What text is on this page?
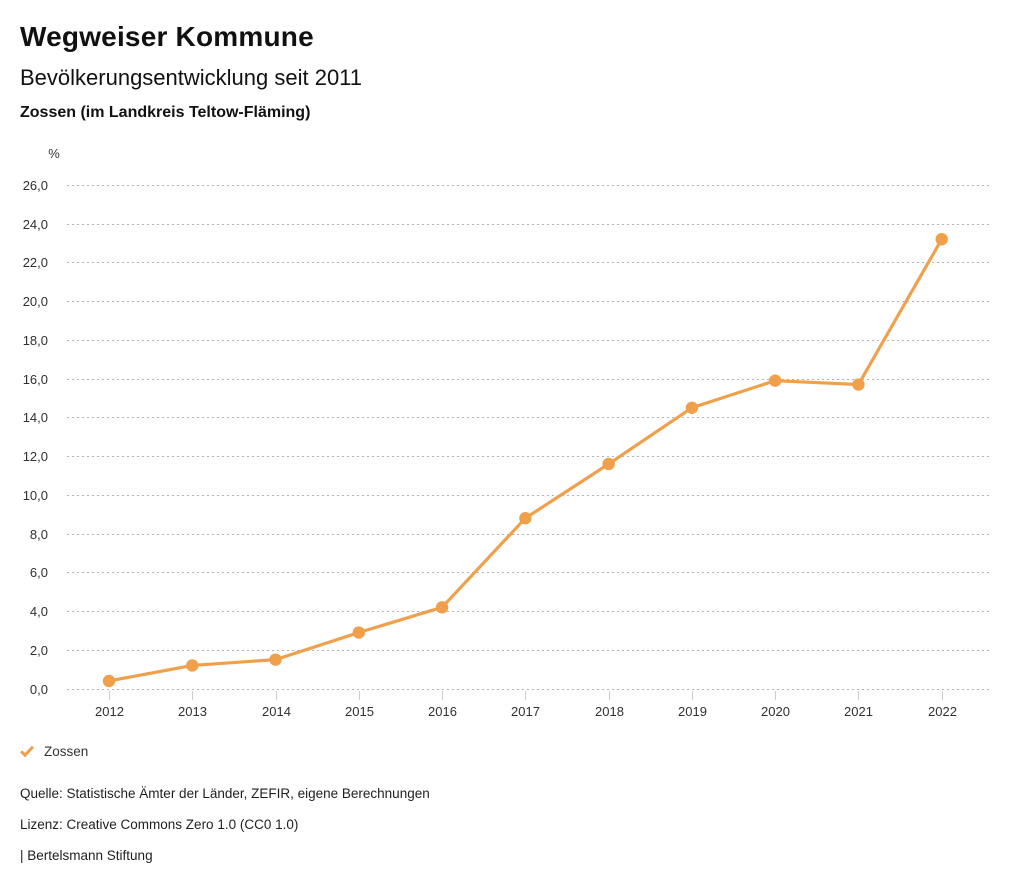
Wegweiser Kommune
Bevölkerungsentwicklung seit 2011
Zossen (im Landkreis Teltow-Fläming)
%
0,0
2,0
4,0
6,0
8,0
10,0
12,0
14,0
16,0
18,0
20,0
22,0
24,0
26,0
2012	2013	2014	2015	2016	2017	2018	2019	2020	2021	2022
Zossen
Quelle: Statistische Ämter der Länder, ZEFIR, eigene Berechnungen
Lizenz: Creative Commons Zero 1.0 (CC0 1.0)
| Bertelsmann Stiftung
